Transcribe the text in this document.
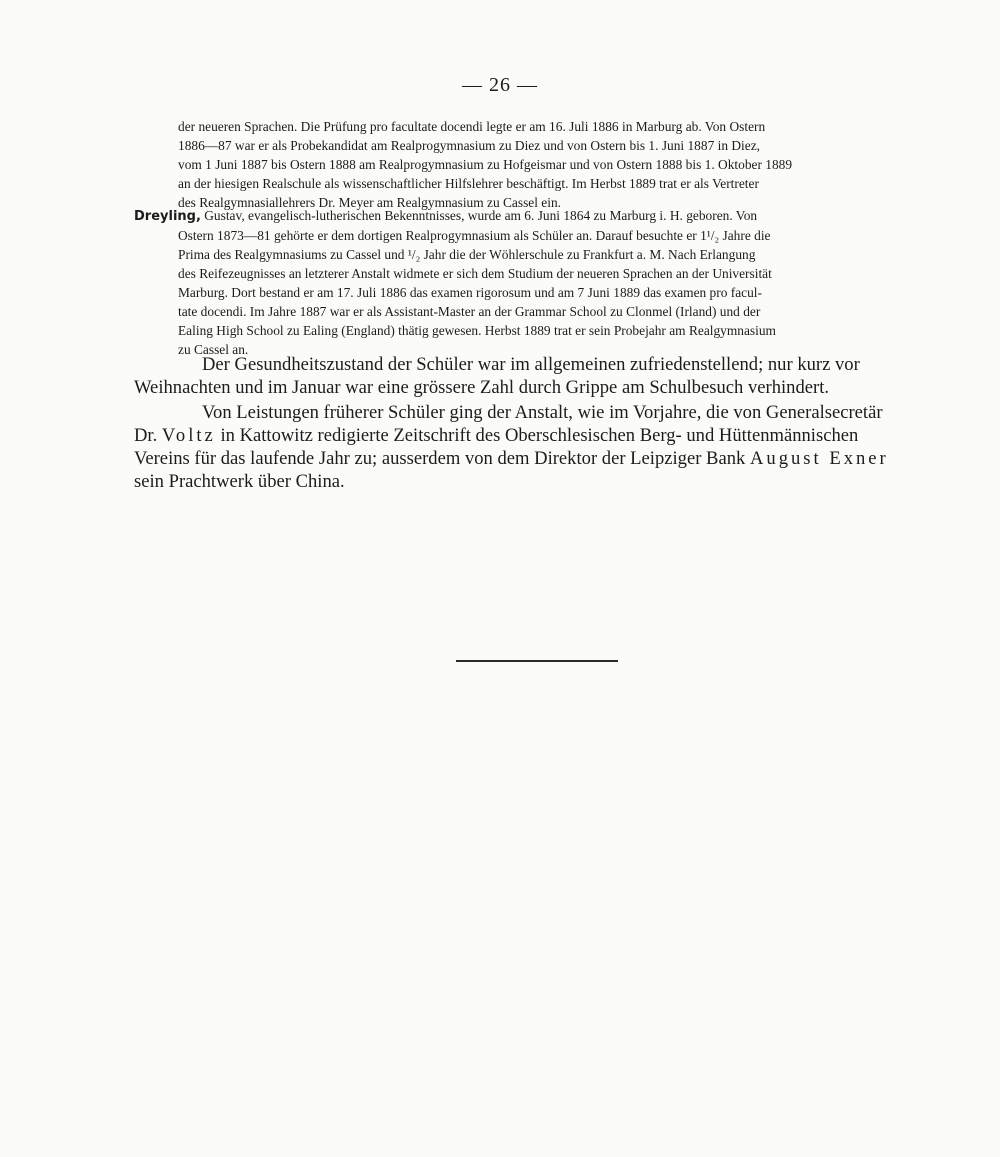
— 26 —

der neueren Sprachen. Die Prüfung pro facultate docendi legte er am 16. Juli 1886 in Marburg ab. Von Ostern

1886—87 war er als Probekandidat am Realprogymnasium zu Diez und von Ostern bis 1. Juni 1887 in Diez,

vom 1 Juni 1887 bis Ostern 1888 am Realprogymnasium zu Hofgeismar und von Ostern 1888 bis 1. Oktober 1889

an der hiesigen Realschule als wissenschaftlicher Hilfslehrer beschäftigt. Im Herbst 1889 trat er als Vertreter

des Realgymnasiallehrers Dr. Meyer am Realgymnasium zu Cassel ein.

Dreyling, Gustav, evangelisch-lutherischen Bekenntnisses, wurde am 6. Juni 1864 zu Marburg i. H. geboren. Von

Ostern 1873—81 gehörte er dem dortigen Realprogymnasium als Schüler an. Darauf besuchte er 1¹/₂ Jahre die

Prima des Realgymnasiums zu Cassel und ¹/₂ Jahr die der Wöhlerschule zu Frankfurt a. M. Nach Erlangung

des Reifezeugnisses an letzterer Anstalt widmete er sich dem Studium der neueren Sprachen an der Universität

Marburg. Dort bestand er am 17. Juli 1886 das examen rigorosum und am 7 Juni 1889 das examen pro facul-

tate docendi. Im Jahre 1887 war er als Assistant-Master an der Grammar School zu Clonmel (Irland) und der

Ealing High School zu Ealing (England) thätig gewesen. Herbst 1889 trat er sein Probejahr am Realgymnasium

zu Cassel an.

Der Gesundheitszustand der Schüler war im allgemeinen zufriedenstellend; nur kurz vor

Weihnachten und im Januar war eine grössere Zahl durch Grippe am Schulbesuch verhindert.

Von Leistungen früherer Schüler ging der Anstalt, wie im Vorjahre, die von Generalsecretär

Dr. Voltz in Kattowitz redigierte Zeitschrift des Oberschlesischen Berg- und Hüttenmännischen

Vereins für das laufende Jahr zu; ausserdem von dem Direktor der Leipziger Bank August Exner

sein Prachtwerk über China.
